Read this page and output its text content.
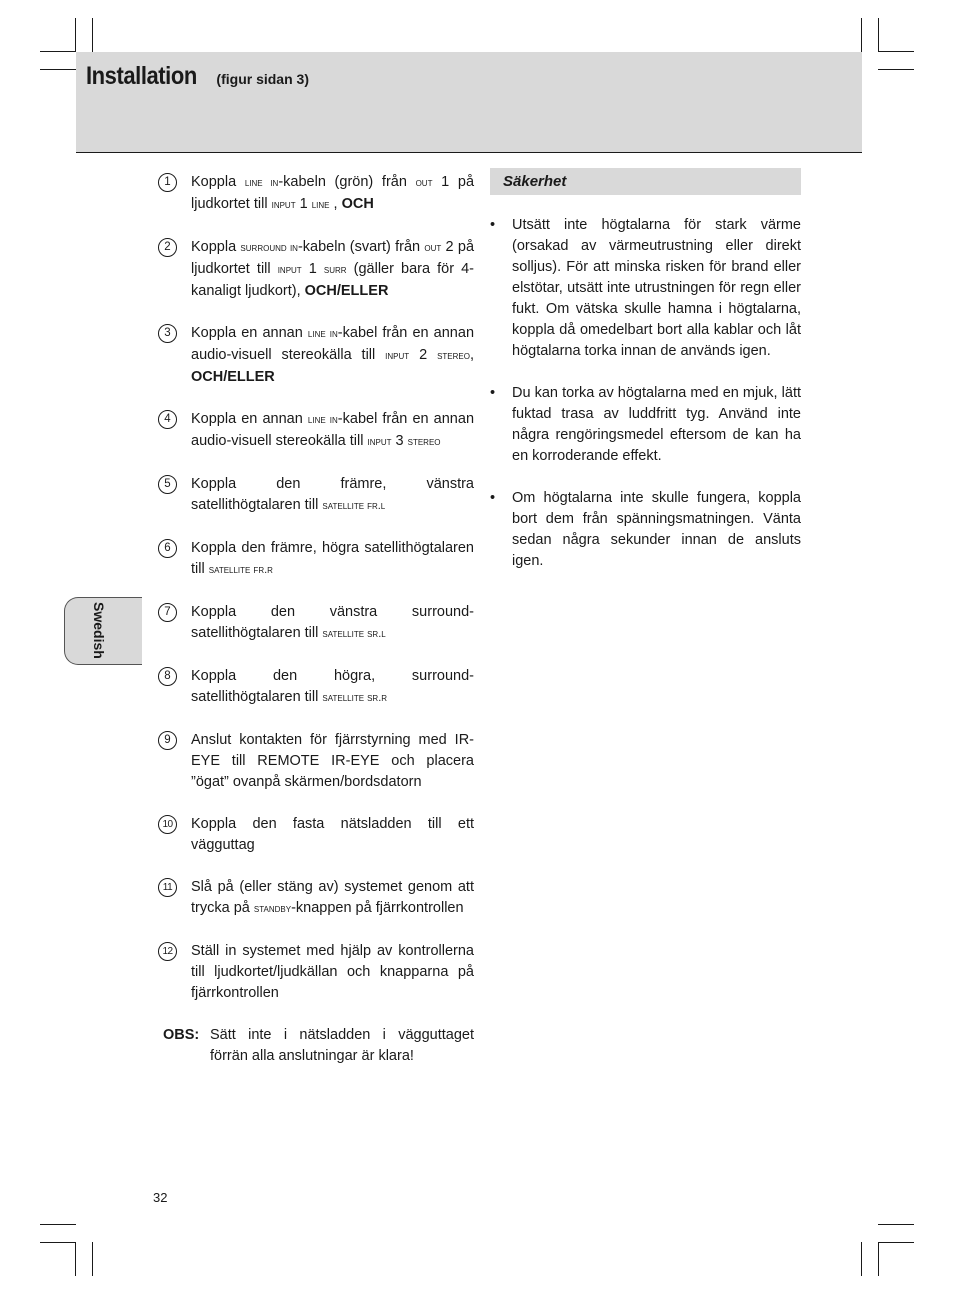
Installation (figur sidan 3)
1	Koppla line in-kabeln (grön) från out 1 på ljudkortet till input 1 line , OCH
2	Koppla surround in-kabeln (svart) från out 2 på ljudkortet till input 1 surr (gäller bara för 4-kanaligt ljudkort), OCH/ELLER
3	Koppla en annan line in-kabel från en annan audio-visuell stereokälla till input 2 stereo, OCH/ELLER
4	Koppla en annan line in-kabel från en annan audio-visuell stereokälla till input 3 stereo
5	Koppla den främre, vänstra satellithögtalaren till satellite fr.l
6	Koppla den främre, högra satellithögtalaren till satellite fr.r
7	Koppla den vänstra surround-satellithögtalaren till satellite sr.l
8	Koppla den högra, surround-satellithögtalaren till satellite sr.r
9	Anslut kontakten för fjärrstyrning med IR-EYE till REMOTE IR-EYE och placera ”ögat” ovanpå skärmen/bordsdatorn
10	Koppla den fasta nätsladden till ett vägguttag
11	Slå på (eller stäng av) systemet genom att trycka på standby-knappen på fjärrkontrollen
12	Ställ in systemet med hjälp av kontrollerna till ljudkortet/ljudkällan och knapparna på fjärrkontrollen
OBS: Sätt inte i nätsladden i vägguttaget förrän alla anslutningar är klara!
Säkerhet
• Utsätt inte högtalarna för stark värme (orsakad av värmeutrustning eller direkt solljus). För att minska risken för brand eller elstötar, utsätt inte utrustningen för regn eller fukt. Om vätska skulle hamna i högtalarna, koppla då omedelbart bort alla kablar och låt högtalarna torka innan de används igen.
• Du kan torka av högtalarna med en mjuk, lätt fuktad trasa av luddfritt tyg. Använd inte några rengöringsmedel eftersom de kan ha en korroderande effekt.
• Om högtalarna inte skulle fungera, koppla bort dem från spänningsmatningen. Vänta sedan några sekunder innan de ansluts igen.
Swedish
32
